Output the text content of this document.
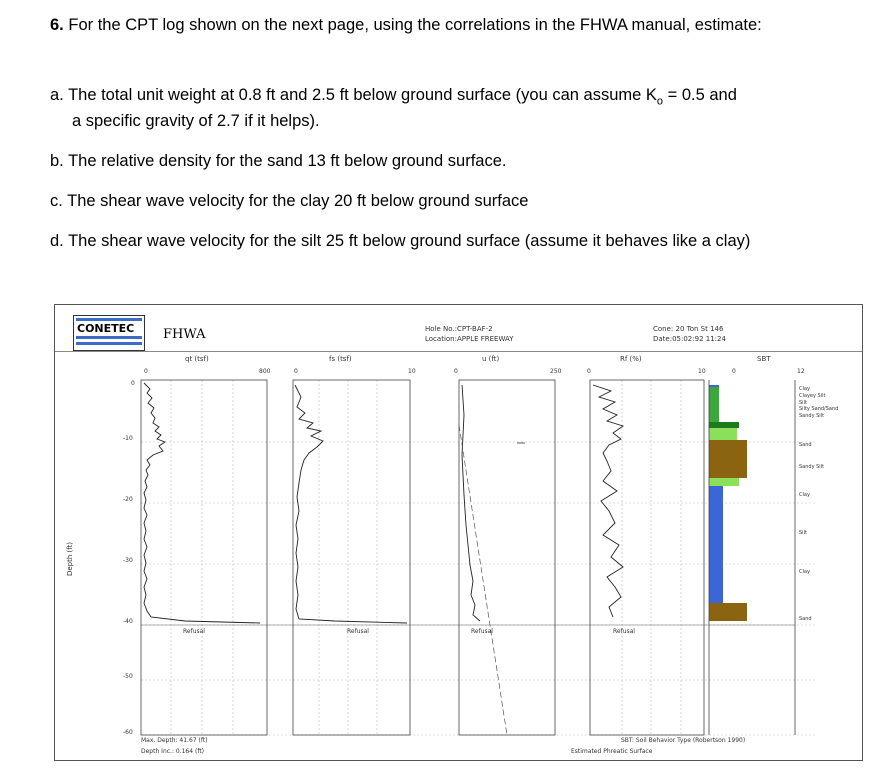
6. For the CPT log shown on the next page, using the correlations in the FHWA manual, estimate:
a. The total unit weight at 0.8 ft and 2.5 ft below ground surface (you can assume $K_o = 0.5$ and
a specific gravity of 2.7 if it helps).
b. The relative density for the sand 13 ft below ground surface.
c. The shear wave velocity for the clay 20 ft below ground surface
d. The shear wave velocity for the silt 25 ft below ground surface (assume it behaves like a clay)
CONETEC FHWA	Hole No.:CPT-BAF-2
Location:APPLE FREEWAY
Cone: 20 Ton St 146
Date:05:02:92 11:24
qt (tsf)	fs (tsf)	u (ft)	Rf (%)	SBT
0	800	0	10	0	250	0	10	0	12
Depth (ft)
0
-10
-20
-30
-40
-50
-60
Refusal	Refusal	Refusal	Refusal
Clay
Clayey Silt
Silt
Silty Sand/Sand
Sandy Silt
Sand
Sandy Silt
Clay
Silt
Clay
Sand
Max. Depth: 41.67 (ft)
Depth Inc.: 0.164 (ft)
SBT: Soil Behavior Type (Robertson 1990)
Estimated Phreatic Surface
